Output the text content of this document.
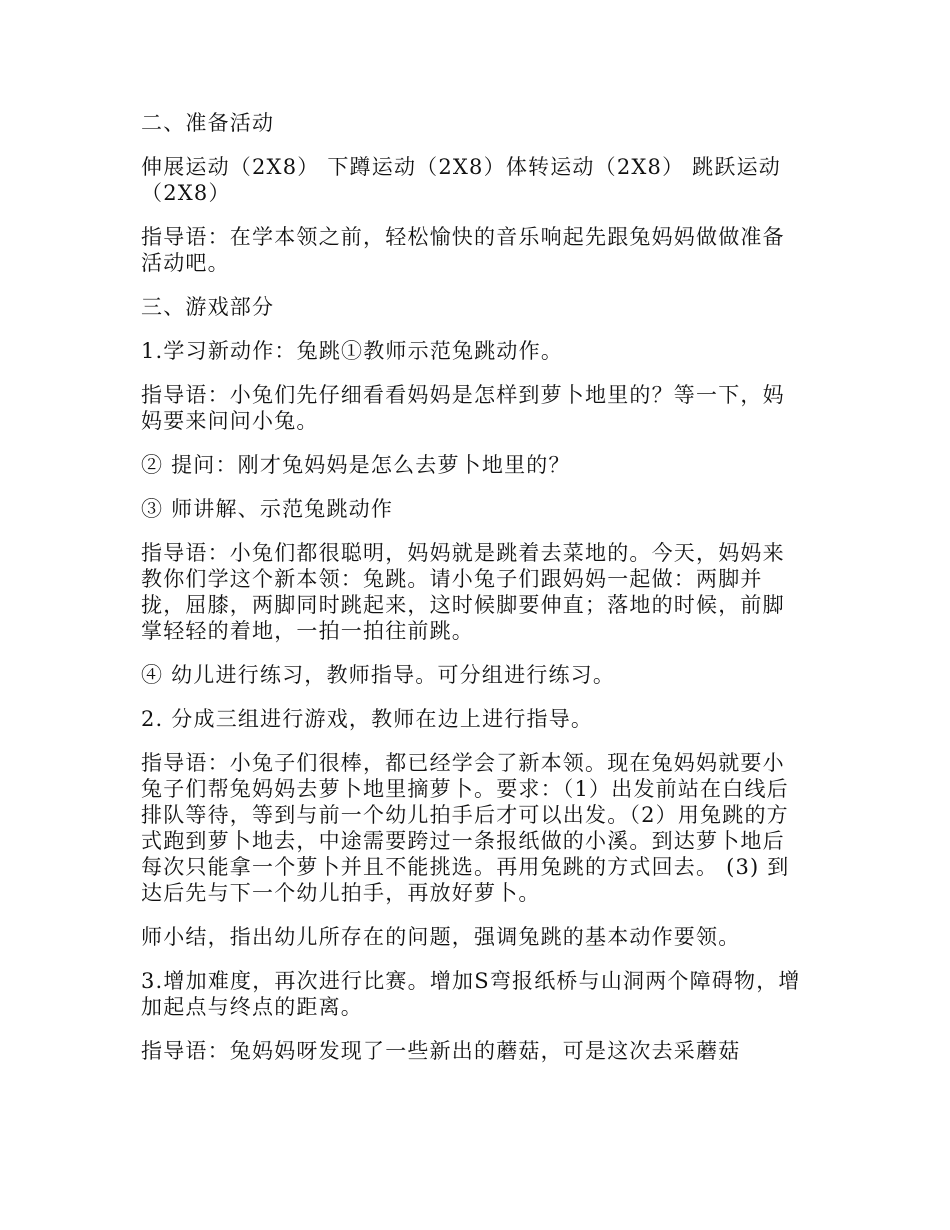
二、准备活动

伸展运动（2X8） 下蹲运动（2X8）体转运动（2X8） 跳跃运动（2X8）

指导语：在学本领之前，轻松愉快的音乐响起先跟兔妈妈做做准备活动吧。

三、游戏部分

1.学习新动作：兔跳①教师示范兔跳动作。

指导语：小兔们先仔细看看妈妈是怎样到萝卜地里的？等一下，妈妈要来问问小兔。

② 提问：刚才兔妈妈是怎么去萝卜地里的？

③ 师讲解、示范兔跳动作

指导语：小兔们都很聪明，妈妈就是跳着去菜地的。今天，妈妈来教你们学这个新本领：兔跳。请小兔子们跟妈妈一起做：两脚并拢，屈膝，两脚同时跳起来，这时候脚要伸直；落地的时候，前脚掌轻轻的着地，一拍一拍往前跳。

④ 幼儿进行练习，教师指导。可分组进行练习。

2. 分成三组进行游戏，教师在边上进行指导。

指导语：小兔子们很棒，都已经学会了新本领。现在兔妈妈就要小兔子们帮兔妈妈去萝卜地里摘萝卜。要求：（1）出发前站在白线后排队等待，等到与前一个幼儿拍手后才可以出发。（2）用兔跳的方式跑到萝卜地去，中途需要跨过一条报纸做的小溪。到达萝卜地后每次只能拿一个萝卜并且不能挑选。再用兔跳的方式回去。 (3) 到达后先与下一个幼儿拍手，再放好萝卜。

师小结，指出幼儿所存在的问题，强调兔跳的基本动作要领。

3.增加难度，再次进行比赛。增加S弯报纸桥与山洞两个障碍物，增加起点与终点的距离。

指导语：兔妈妈呀发现了一些新出的蘑菇，可是这次去采蘑菇
